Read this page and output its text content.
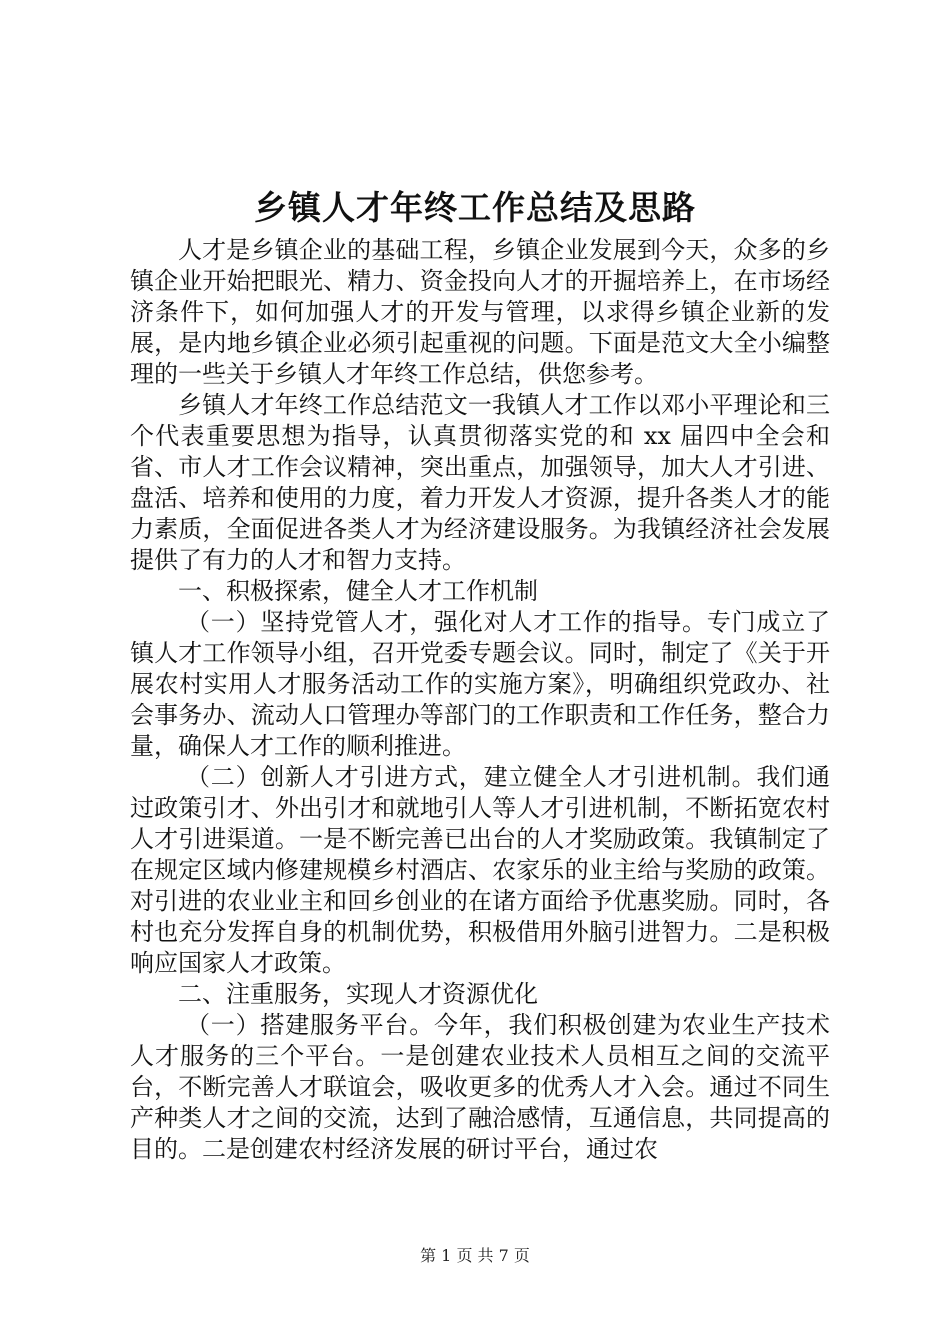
乡镇人才年终工作总结及思路

人才是乡镇企业的基础工程，乡镇企业发展到今天，众多的乡镇企业开始把眼光、精力、资金投向人才的开掘培养上，在市场经济条件下，如何加强人才的开发与管理，以求得乡镇企业新的发展，是内地乡镇企业必须引起重视的问题。下面是范文大全小编整理的一些关于乡镇人才年终工作总结，供您参考。

乡镇人才年终工作总结范文一我镇人才工作以邓小平理论和三个代表重要思想为指导，认真贯彻落实党的和 xx 届四中全会和省、市人才工作会议精神，突出重点，加强领导，加大人才引进、盘活、培养和使用的力度，着力开发人才资源，提升各类人才的能力素质，全面促进各类人才为经济建设服务。为我镇经济社会发展提供了有力的人才和智力支持。

一、积极探索，健全人才工作机制

（一）坚持党管人才，强化对人才工作的指导。专门成立了镇人才工作领导小组，召开党委专题会议。同时，制定了《关于开展农村实用人才服务活动工作的实施方案》，明确组织党政办、社会事务办、流动人口管理办等部门的工作职责和工作任务，整合力量，确保人才工作的顺利推进。

（二）创新人才引进方式，建立健全人才引进机制。我们通过政策引才、外出引才和就地引人等人才引进机制，不断拓宽农村人才引进渠道。一是不断完善已出台的人才奖励政策。我镇制定了在规定区域内修建规模乡村酒店、农家乐的业主给与奖励的政策。对引进的农业业主和回乡创业的在诸方面给予优惠奖励。同时，各村也充分发挥自身的机制优势，积极借用外脑引进智力。二是积极响应国家人才政策。

二、注重服务，实现人才资源优化

（一）搭建服务平台。今年，我们积极创建为农业生产技术人才服务的三个平台。一是创建农业技术人员相互之间的交流平台，不断完善人才联谊会，吸收更多的优秀人才入会。通过不同生产种类人才之间的交流，达到了融洽感情，互通信息，共同提高的目的。二是创建农村经济发展的研讨平台，通过农

第 1 页 共 7 页
